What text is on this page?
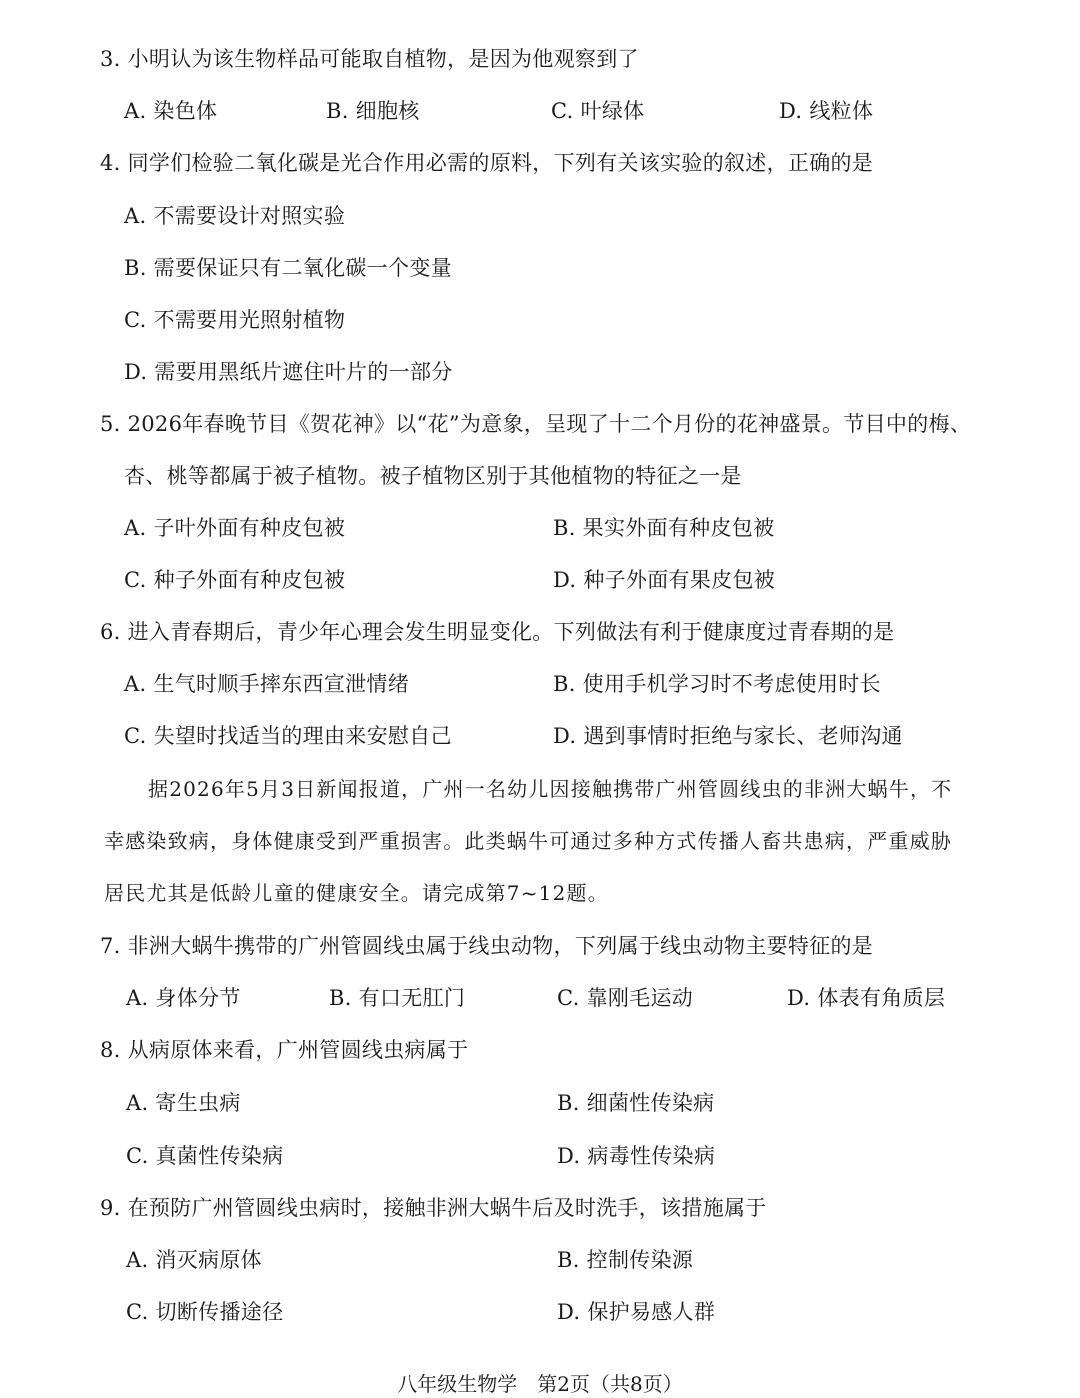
3. 小明认为该生物样品可能取自植物，是因为他观察到了
A. 染色体	B. 细胞核	C. 叶绿体	D. 线粒体
4. 同学们检验二氧化碳是光合作用必需的原料，下列有关该实验的叙述，正确的是
A. 不需要设计对照实验
B. 需要保证只有二氧化碳一个变量
C. 不需要用光照射植物
D. 需要用黑纸片遮住叶片的一部分
5. 2026年春晚节目《贺花神》以“花”为意象，呈现了十二个月份的花神盛景。节目中的梅、
杏、桃等都属于被子植物。被子植物区别于其他植物的特征之一是
A. 子叶外面有种皮包被	B. 果实外面有种皮包被
C. 种子外面有种皮包被	D. 种子外面有果皮包被
6. 进入青春期后，青少年心理会发生明显变化。下列做法有利于健康度过青春期的是
A. 生气时顺手摔东西宣泄情绪	B. 使用手机学习时不考虑使用时长
C. 失望时找适当的理由来安慰自己	D. 遇到事情时拒绝与家长、老师沟通
据2026年5月3日新闻报道，广州一名幼儿因接触携带广州管圆线虫的非洲大蜗牛，不
幸感染致病，身体健康受到严重损害。此类蜗牛可通过多种方式传播人畜共患病，严重威胁
居民尤其是低龄儿童的健康安全。请完成第7~12题。
7. 非洲大蜗牛携带的广州管圆线虫属于线虫动物，下列属于线虫动物主要特征的是
A. 身体分节	B. 有口无肛门	C. 靠刚毛运动	D. 体表有角质层
8. 从病原体来看，广州管圆线虫病属于
A. 寄生虫病	B. 细菌性传染病
C. 真菌性传染病	D. 病毒性传染病
9. 在预防广州管圆线虫病时，接触非洲大蜗牛后及时洗手，该措施属于
A. 消灭病原体	B. 控制传染源
C. 切断传播途径	D. 保护易感人群
八年级生物学　第2页（共8页）
